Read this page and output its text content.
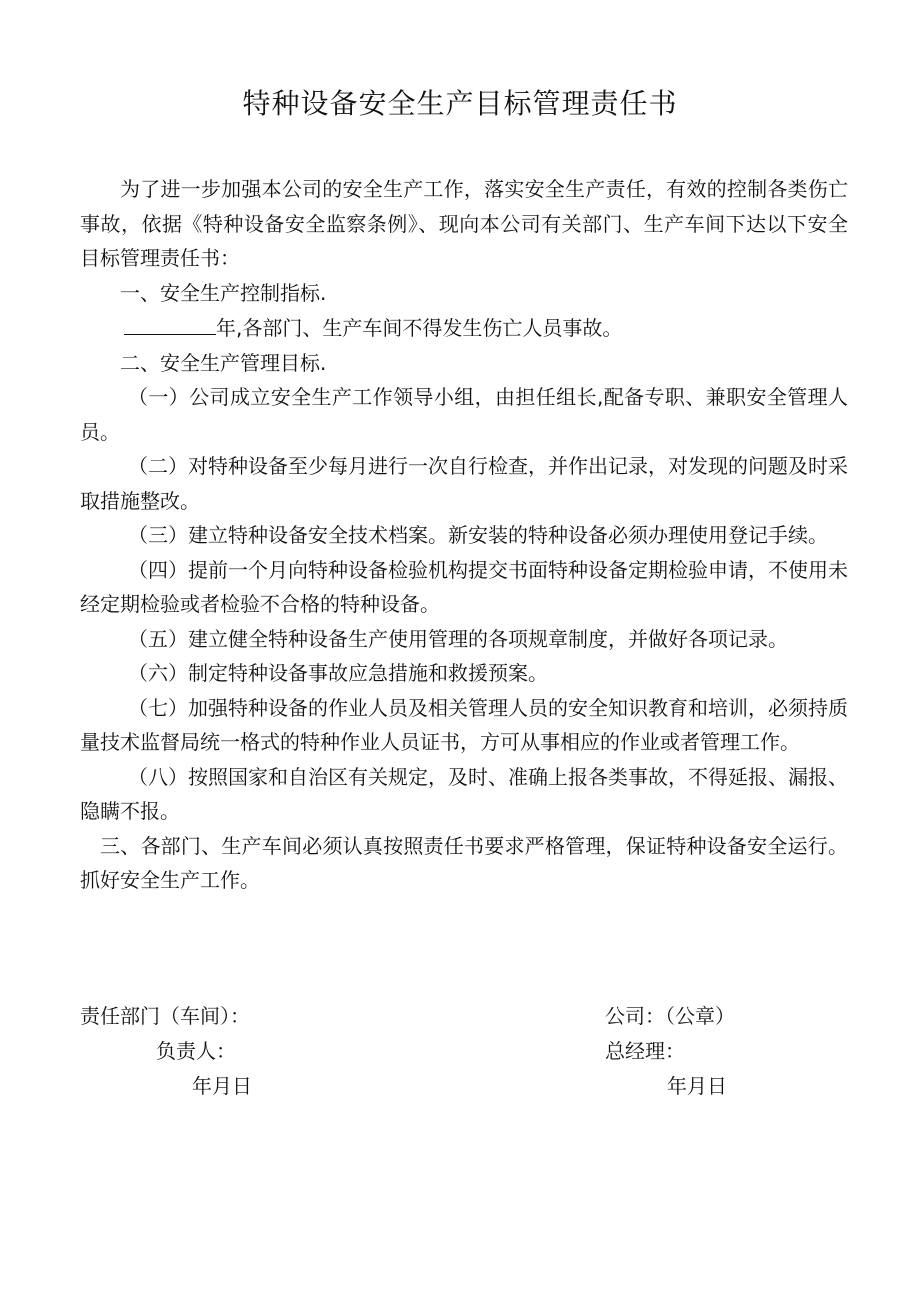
特种设备安全生产目标管理责任书

为了进一步加强本公司的安全生产工作，落实安全生产责任，有效的控制各类伤亡事故，依据《特种设备安全监察条例》、现向本公司有关部门、生产车间下达以下安全目标管理责任书：

一、安全生产控制指标.

年,各部门、生产车间不得发生伤亡人员事故。

二、安全生产管理目标.

（一）公司成立安全生产工作领导小组，由担任组长,配备专职、兼职安全管理人员。

（二）对特种设备至少每月进行一次自行检查，并作出记录，对发现的问题及时采取措施整改。

（三）建立特种设备安全技术档案。新安装的特种设备必须办理使用登记手续。

（四）提前一个月向特种设备检验机构提交书面特种设备定期检验申请，不使用未经定期检验或者检验不合格的特种设备。

（五）建立健全特种设备生产使用管理的各项规章制度，并做好各项记录。

（六）制定特种设备事故应急措施和救援预案。

（七）加强特种设备的作业人员及相关管理人员的安全知识教育和培训，必须持质量技术监督局统一格式的特种作业人员证书，方可从事相应的作业或者管理工作。

（八）按照国家和自治区有关规定，及时、准确上报各类事故，不得延报、漏报、隐瞒不报。

三、各部门、生产车间必须认真按照责任书要求严格管理，保证特种设备安全运行。抓好安全生产工作。

责任部门（车间）：
负责人：
年月日
公司：（公章）
总经理：
年月日
